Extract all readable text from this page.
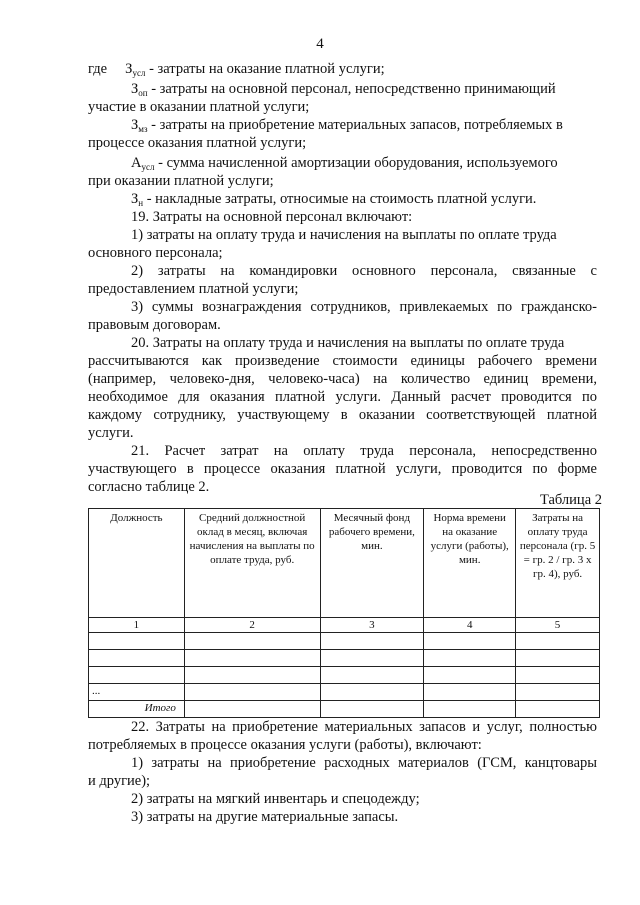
4
где $З_{усл}$ - затраты на оказание платной услуги;
$З_{оп}$ - затраты на основной персонал, непосредственно принимающий
участие в оказании платной услуги;
$З_{мз}$ - затраты на приобретение материальных запасов, потребляемых в
процессе оказания платной услуги;
$А_{усл}$ - сумма начисленной амортизации оборудования, используемого
при оказании платной услуги;
$З_н$ - накладные затраты, относимые на стоимость платной услуги.
19. Затраты на основной персонал включают:
1) затраты на оплату труда и начисления на выплаты по оплате труда
основного персонала;
2) затраты на командировки основного персонала, связанные с
предоставлением платной услуги;
3) суммы вознаграждения сотрудников, привлекаемых по гражданско-
правовым договорам.
20. Затраты на оплату труда и начисления на выплаты по оплате труда
рассчитываются как произведение стоимости единицы рабочего времени
(например, человеко-дня, человеко-часа) на количество единиц времени,
необходимое для оказания платной услуги. Данный расчет проводится по
каждому сотруднику, участвующему в оказании соответствующей платной
услуги.
21. Расчет затрат на оплату труда персонала, непосредственно
участвующего в процессе оказания платной услуги, проводится по форме
согласно таблице 2.
Таблица 2
Должность	Средний должностной оклад в месяц, включая начисления на выплаты по оплате труда, руб.	Месячный фонд рабочего времени, мин.	Норма времени на оказание услуги (работы), мин.	Затраты на оплату труда персонала (гр. 5 = гр. 2 / гр. 3 x гр. 4), руб.
1	2	3	4	5

...				
Итого				
22. Затраты на приобретение материальных запасов и услуг, полностью
потребляемых в процессе оказания услуги (работы), включают:
1) затраты на приобретение расходных материалов (ГСМ, канцтовары
и другие);
2) затраты на мягкий инвентарь и спецодежду;
3) затраты на другие материальные запасы.
